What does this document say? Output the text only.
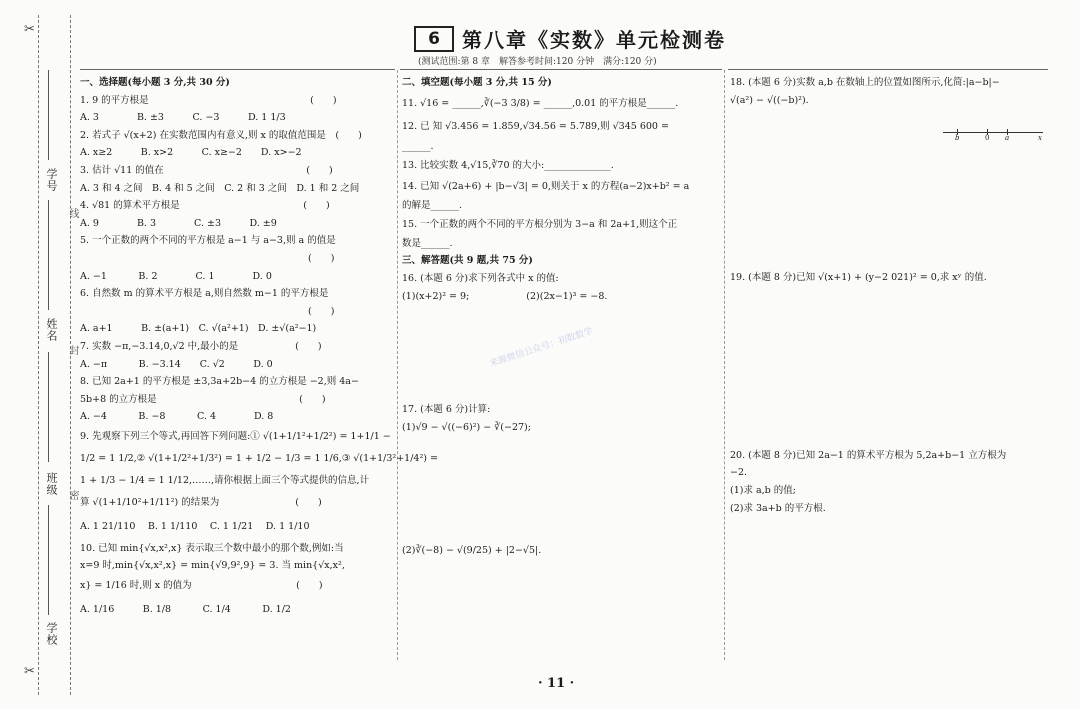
✂
✂
学号
姓名
班级
学校
线
封
密
6	第八章《实数》单元检测卷
(测试范围:第 8 章　解答参考时间:120 分钟　满分:120 分)
一、选择题(每小题 3 分,共 30 分)
1. 9 的平方根是　　　　　　　　　　　　　　　　　(　　)
A. 3　　　　B. ±3　　　C. −3　　　D. 1 1/3
2. 若式子 √(x+2) 在实数范围内有意义,则 x 的取值范围是　(　　)
A. x≥2　　　B. x>2　　　C. x≥−2　　D. x>−2
3. 估计 √11 的值在　　　　　　　　　　　　　　　(　　)
A. 3 和 4 之间　B. 4 和 5 之间　C. 2 和 3 之间　D. 1 和 2 之间
4. √81 的算术平方根是　　　　　　　　　　　　　(　　)
A. 9　　　　B. 3　　　　C. ±3　　　D. ±9
5. 一个正数的两个不同的平方根是 a−1 与 a−3,则 a 的值是
　　　　　　　　　　　　　　　　　　　　　　　　(　　)
A. −1　　　 B. 2　　　　C. 1　　　　D. 0
6. 自然数 m 的算术平方根是 a,则自然数 m−1 的平方根是
　　　　　　　　　　　　　　　　　　　　　　　　(　　)
A. a+1　　　B. ±(a+1)　C. √(a²+1)　D. ±√(a²−1)
7. 实数 −π,−3.14,0,√2 中,最小的是　　　　　　(　　)
A. −π　　　 B. −3.14　　C. √2　　　D. 0
8. 已知 2a+1 的平方根是 ±3,3a+2b−4 的立方根是 −2,则 4a−
5b+8 的立方根是　　　　　　　　　　　　　　　(　　)
A. −4　　　 B. −8　　　 C. 4　　　　D. 8
9. 先观察下列三个等式,再回答下列问题:① √(1+1/1²+1/2²) = 1+1/1 −
1/2 = 1 1/2,② √(1+1/2²+1/3²) = 1 + 1/2 − 1/3 = 1 1/6,③ √(1+1/3²+1/4²) =
1 + 1/3 − 1/4 = 1 1/12,……,请你根据上面三个等式提供的信息,计
算 √(1+1/10²+1/11²) 的结果为　　　　　　　　(　　)
A. 1 21/110　 B. 1 1/110　 C. 1 1/21　 D. 1 1/10
10. 已知 min{√x,x²,x} 表示取三个数中最小的那个数,例如:当
x=9 时,min{√x,x²,x} = min{√9,9²,9} = 3. 当 min{√x,x²,
x} = 1/16 时,则 x 的值为　　　　　　　　　　　(　　)
A. 1/16　　　B. 1/8　　　 C. 1/4　　　 D. 1/2
二、填空题(每小题 3 分,共 15 分)
11. √16 = ______,∛(−3 3/8) = ______,0.01 的平方根是______.
12. 已 知 √3.456 = 1.859,√34.56 = 5.789,则 √345 600 =
______.
13. 比较实数 4,√15,∛70 的大小:______________.
14. 已知 √(2a+6) + |b−√3| = 0,则关于 x 的方程(a−2)x+b² = a
的解是______.
15. 一个正数的两个不同的平方根分别为 3−a 和 2a+1,则这个正
数是______.
三、解答题(共 9 题,共 75 分)
16. (本题 6 分)求下列各式中 x 的值:
(1)(x+2)² = 9;　　　　　　(2)(2x−1)³ = −8.
17. (本题 6 分)计算:
(1)√9 − √((−6)²) − ∛(−27);
(2)∛(−8) − √(9/25) + |2−√5|.
18. (本题 6 分)实数 a,b 在数轴上的位置如图所示,化简:|a−b|−
√(a²) − √((−b)²).
19. (本题 8 分)已知 √(x+1) + (y−2 021)² = 0,求 xʸ 的值.
20. (本题 8 分)已知 2a−1 的算术平方根为 5,2a+b−1 立方根为
−2.
(1)求 a,b 的值;
(2)求 3a+b 的平方根.
b	0 a	x
来源微信公众号：初数数学
· 11 ·
